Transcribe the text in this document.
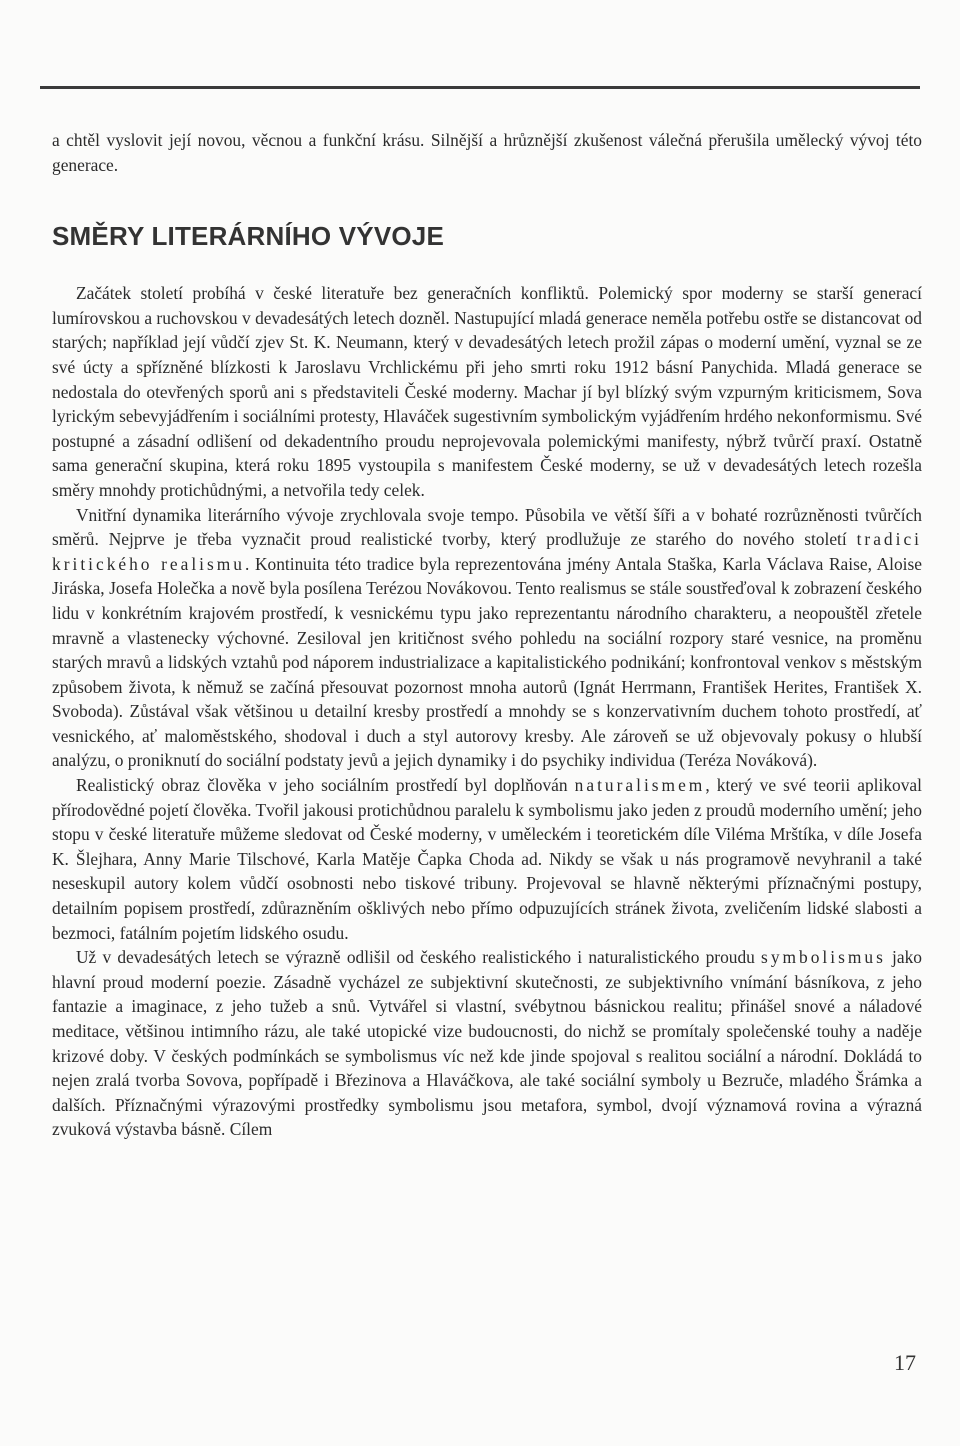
a chtěl vyslovit její novou, věcnou a funkční krásu. Silnější a hrůznější zkušenost válečná přerušila umělecký vývoj této generace.

SMĚRY LITERÁRNÍHO VÝVOJE

Začátek století probíhá v české literatuře bez generačních konfliktů. Polemický spor moderny se starší generací lumírovskou a ruchovskou v devadesátých letech dozněl. Nastupující mladá generace neměla potřebu ostře se distancovat od starých; například její vůdčí zjev St. K. Neumann, který v devadesátých letech prožil zápas o moderní umění, vyznal se ze své úcty a spřízněné blízkosti k Jaroslavu Vrchlickému při jeho smrti roku 1912 básní Panychida. Mladá generace se nedostala do otevřených sporů ani s představiteli České moderny. Machar jí byl blízký svým vzpurným kriticismem, Sova lyrickým sebevyjádřením i sociálními protesty, Hlaváček sugestivním symbolickým vyjádřením hrdého nekonformismu. Své postupné a zásadní odlišení od dekadentního proudu neprojevovala polemickými manifesty, nýbrž tvůrčí praxí. Ostatně sama generační skupina, která roku 1895 vystoupila s manifestem České moderny, se už v devadesátých letech rozešla směry mnohdy protichůdnými, a netvořila tedy celek.

Vnitřní dynamika literárního vývoje zrychlovala svoje tempo. Působila ve větší šíři a v bohaté rozrůzněnosti tvůrčích směrů. Nejprve je třeba vyznačit proud realistické tvorby, který prodlužuje ze starého do nového století tradici kritického realismu. Kontinuita této tradice byla reprezentována jmény Antala Staška, Karla Václava Raise, Aloise Jiráska, Josefa Holečka a nově byla posílena Terézou Novákovou. Tento realismus se stále soustřeďoval k zobrazení českého lidu v konkrétním krajovém prostředí, k vesnickému typu jako reprezentantu národního charakteru, a neopouštěl zřetele mravně a vlastenecky výchovné. Zesiloval jen kritičnost svého pohledu na sociální rozpory staré vesnice, na proměnu starých mravů a lidských vztahů pod náporem industrializace a kapitalistického podnikání; konfrontoval venkov s městským způsobem života, k němuž se začíná přesouvat pozornost mnoha autorů (Ignát Herrmann, František Herites, František X. Svoboda). Zůstával však většinou u detailní kresby prostředí a mnohdy se s konzervativním duchem tohoto prostředí, ať vesnického, ať maloměstského, shodoval i duch a styl autorovy kresby. Ale zároveň se už objevovaly pokusy o hlubší analýzu, o proniknutí do sociální podstaty jevů a jejich dynamiky i do psychiky individua (Teréza Nováková).

Realistický obraz člověka v jeho sociálním prostředí byl doplňován naturalismem, který ve své teorii aplikoval přírodovědné pojetí člověka. Tvořil jakousi protichůdnou paralelu k symbolismu jako jeden z proudů moderního umění; jeho stopu v české literatuře můžeme sledovat od České moderny, v uměleckém i teoretickém díle Viléma Mrštíka, v díle Josefa K. Šlejhara, Anny Marie Tilschové, Karla Matěje Čapka Choda ad. Nikdy se však u nás programově nevyhranil a také neseskupil autory kolem vůdčí osobnosti nebo tiskové tribuny. Projevoval se hlavně některými příznačnými postupy, detailním popisem prostředí, zdůrazněním ošklivých nebo přímo odpuzujících stránek života, zveličením lidské slabosti a bezmoci, fatálním pojetím lidského osudu.

Už v devadesátých letech se výrazně odlišil od českého realistického i naturalistického proudu symbolismus jako hlavní proud moderní poezie. Zásadně vycházel ze subjektivní skutečnosti, ze subjektivního vnímání básníkova, z jeho fantazie a imaginace, z jeho tužeb a snů. Vytvářel si vlastní, svébytnou básnickou realitu; přinášel snové a náladové meditace, většinou intimního rázu, ale také utopické vize budoucnosti, do nichž se promítaly společenské touhy a naděje krizové doby. V českých podmínkách se symbolismus víc než kde jinde spojoval s realitou sociální a národní. Dokládá to nejen zralá tvorba Sovova, popřípadě i Březinova a Hlaváčkova, ale také sociální symboly u Bezruče, mladého Šrámka a dalších. Příznačnými výrazovými prostředky symbolismu jsou metafora, symbol, dvojí významová rovina a výrazná zvuková výstavba básně. Cílem

17
